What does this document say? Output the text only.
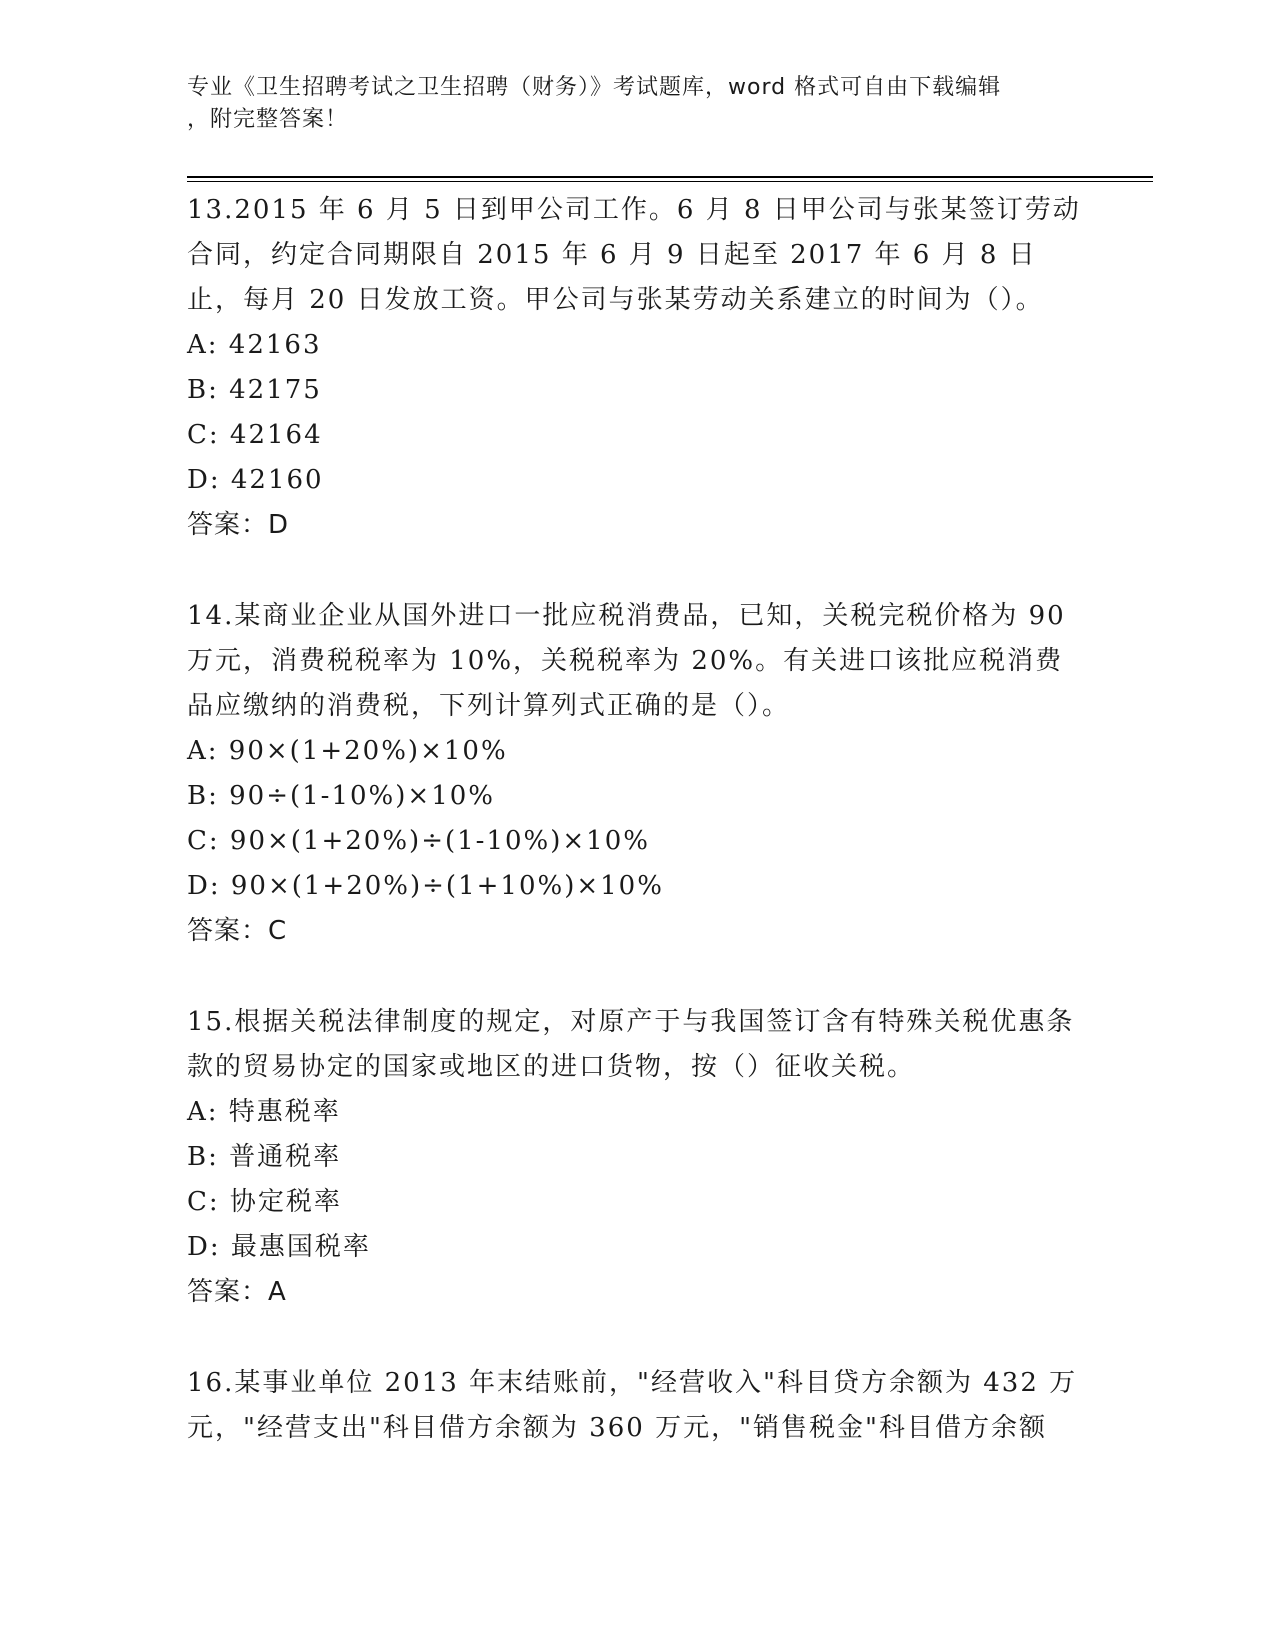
专业《卫生招聘考试之卫生招聘（财务）》考试题库，word 格式可自由下载编辑
，附完整答案！
13.2015 年 6 月 5 日到甲公司工作。6 月 8 日甲公司与张某签订劳动合同，约定合同期限自 2015 年 6 月 9 日起至 2017 年 6 月 8 日止，每月 20 日发放工资。甲公司与张某劳动关系建立的时间为（）。
A: 42163
B: 42175
C: 42164
D: 42160
答案：D
14.某商业企业从国外进口一批应税消费品，已知，关税完税价格为 90 万元，消费税税率为 10%，关税税率为 20%。有关进口该批应税消费品应缴纳的消费税，下列计算列式正确的是（）。
A: 90×(1+20%)×10%
B: 90÷(1-10%)×10%
C: 90×(1+20%)÷(1-10%)×10%
D: 90×(1+20%)÷(1+10%)×10%
答案：C
15.根据关税法律制度的规定，对原产于与我国签订含有特殊关税优惠条款的贸易协定的国家或地区的进口货物，按（）征收关税。
A: 特惠税率
B: 普通税率
C: 协定税率
D: 最惠国税率
答案：A
16.某事业单位 2013 年末结账前，"经营收入"科目贷方余额为 432 万元，"经营支出"科目借方余额为 360 万元，"销售税金"科目借方余额
